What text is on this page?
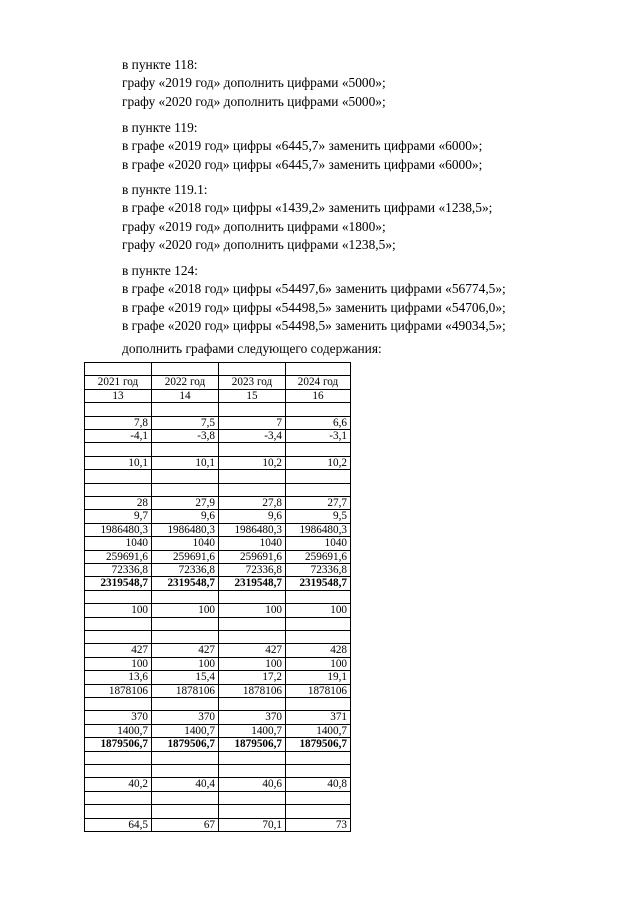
в пункте 118:
графу «2019 год» дополнить цифрами «5000»;
графу «2020 год» дополнить цифрами «5000»;
в пункте 119:
в графе «2019 год» цифры «6445,7» заменить цифрами «6000»;
в графе «2020 год» цифры «6445,7» заменить цифрами «6000»;
в пункте 119.1:
в графе «2018 год» цифры «1439,2» заменить цифрами «1238,5»;
графу «2019 год» дополнить цифрами «1800»;
графу «2020 год» дополнить цифрами «1238,5»;
в пункте 124:
в графе «2018 год» цифры «54497,6» заменить цифрами «56774,5»;
в графе «2019 год» цифры «54498,5» заменить цифрами «54706,0»;
в графе «2020 год» цифры «54498,5» заменить цифрами «49034,5»;
дополнить графами следующего содержания:

2021 год	2022 год	2023 год	2024 год
13	14	15	16

7,8	7,5	7	6,6
-4,1	-3,8	-3,4	-3,1

10,1	10,1	10,2	10,2

28	27,9	27,8	27,7
9,7	9,6	9,6	9,5
1986480,3	1986480,3	1986480,3	1986480,3
1040	1040	1040	1040
259691,6	259691,6	259691,6	259691,6
72336,8	72336,8	72336,8	72336,8
2319548,7	2319548,7	2319548,7	2319548,7

100	100	100	100

427	427	427	428
100	100	100	100
13,6	15,4	17,2	19,1
1878106	1878106	1878106	1878106

370	370	370	371
1400,7	1400,7	1400,7	1400,7
1879506,7	1879506,7	1879506,7	1879506,7

40,2	40,4	40,6	40,8

64,5	67	70,1	73
